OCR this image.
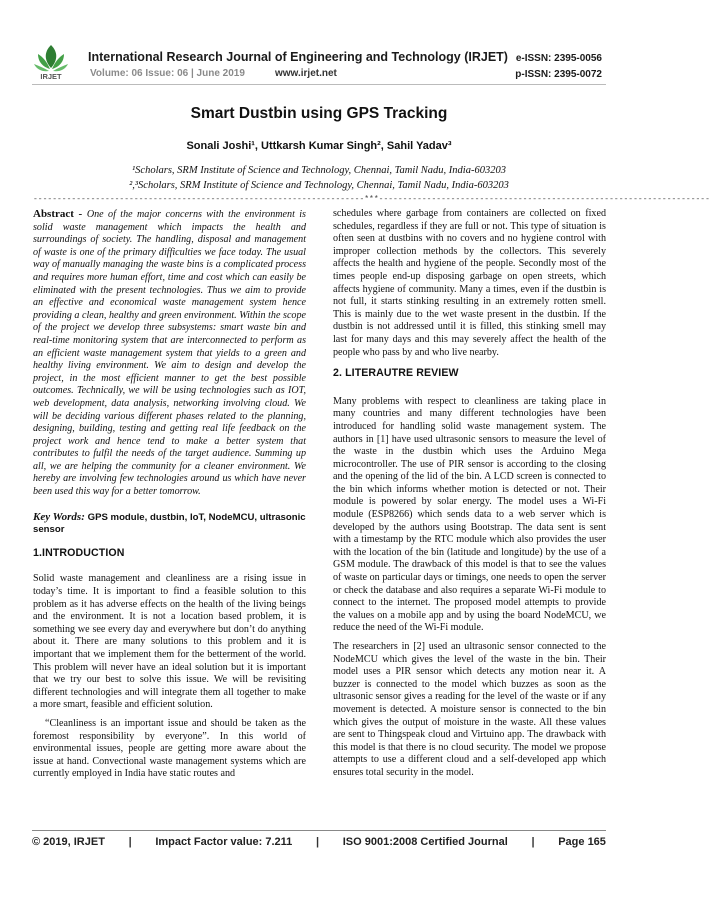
IRJET
International Research Journal of Engineering and Technology (IRJET) e-ISSN: 2395-0056
Volume: 06 Issue: 06 | June 2019	www.irjet.net	p-ISSN: 2395-0072
Smart Dustbin using GPS Tracking
Sonali Joshi¹, Uttkarsh Kumar Singh², Sahil Yadav³
¹Scholars, SRM Institute of Science and Technology, Chennai, Tamil Nadu, India-603203
²,³Scholars, SRM Institute of Science and Technology, Chennai, Tamil Nadu, India-603203
---------------------------------------------------------------------***---------------------------------------------------------------------

Abstract - One of the major concerns with the environment is solid waste management which impacts the health and surroundings of society. The handling, disposal and management of waste is one of the primary difficulties we face today. The usual way of manually managing the waste bins is a complicated process and requires more human effort, time and cost which can easily be eliminated with the present technologies. Thus we aim to provide an effective and economical waste management system hence providing a clean, healthy and green environment. Within the scope of the project we develop three subsystems: smart waste bin and real-time monitoring system that are interconnected to perform as an efficient waste management system that yields to a green and healthy living environment. We aim to design and develop the project, in the most efficient manner to get the best possible outcomes. Technically, we will be using technologies such as IOT, web development, data analysis, networking involving cloud. We will be deciding various different phases related to the planning, designing, building, testing and getting real life feedback on the project work and hence tend to make a better system that contributes to fulfil the needs of the target audience. Summing up all, we are helping the community for a cleaner environment. We hereby are involving few technologies around us which have never been used this way for a better tomorrow.

Key Words: GPS module, dustbin, IoT, NodeMCU, ultrasonic sensor

1.INTRODUCTION

Solid waste management and cleanliness are a rising issue in today’s time. It is important to find a feasible solution to this problem as it has adverse effects on the health of the living beings and the environment. It is not a location based problem, it is something we see every day and everywhere but don’t do anything about it. There are many solutions to this problem and it is important that we implement them for the betterment of the world. This problem will never have an ideal solution but it is important that we try our best to solve this issue. We will be revisiting different technologies and will integrate them all together to make a more smart, feasible and efficient solution.

“Cleanliness is an important issue and should be taken as the foremost responsibility by everyone”. In this world of environmental issues, people are getting more aware about the issue at hand. Convectional waste management systems which are currently employed in India have static routes and

schedules where garbage from containers are collected on fixed schedules, regardless if they are full or not. This type of situation is often seen at dustbins with no covers and no hygiene control with improper collection methods by the collectors. This severely affects the health and hygiene of the people. Secondly most of the times people end-up disposing garbage on open streets, which affects hygiene of community. Many a times, even if the dustbin is not full, it starts stinking resulting in an extremely rotten smell. This is mainly due to the wet waste present in the dustbin. If the dustbin is not addressed until it is filled, this stinking smell may last for many days and this may severely affect the health of the people who pass by and who live nearby.

2. LITERAUTRE REVIEW

Many problems with respect to cleanliness are taking place in many countries and many different technologies have been introduced for handling solid waste management system. The authors in [1] have used ultrasonic sensors to measure the level of the waste in the dustbin which uses the Arduino Mega microcontroller. The use of PIR sensor is according to the closing and the opening of the lid of the bin. A LCD screen is connected to the bin which informs whether motion is detected or not. Their module is powered by solar energy. The model uses a Wi-Fi module (ESP8266) which sends data to a web server which is developed by the authors using Bootstrap. The data sent is sent with a timestamp by the RTC module which also provides the user with the location of the bin (latitude and longitude) by the use of a GSM module. The drawback of this model is that to see the values of waste on particular days or timings, one needs to open the server or check the database and also requires a separate Wi-Fi module to connect to the internet. The proposed model attempts to provide the values on a mobile app and by using the board NodeMCU, we reduce the need of the Wi-Fi module.

The researchers in [2] used an ultrasonic sensor connected to the NodeMCU which gives the level of the waste in the bin. Their model uses a PIR sensor which detects any motion near it. A buzzer is connected to the model which buzzes as soon as the ultrasonic sensor gives a reading for the level of the waste or if any movement is detected. A moisture sensor is connected to the bin which gives the output of moisture in the waste. All these values are sent to Thingspeak cloud and Virtuino app. The drawback with this model is that there is no cloud security. The model we propose attempts to use a different cloud and a self-developed app which ensures total security in the model.

© 2019, IRJET | Impact Factor value: 7.211 | ISO 9001:2008 Certified Journal | Page 165
